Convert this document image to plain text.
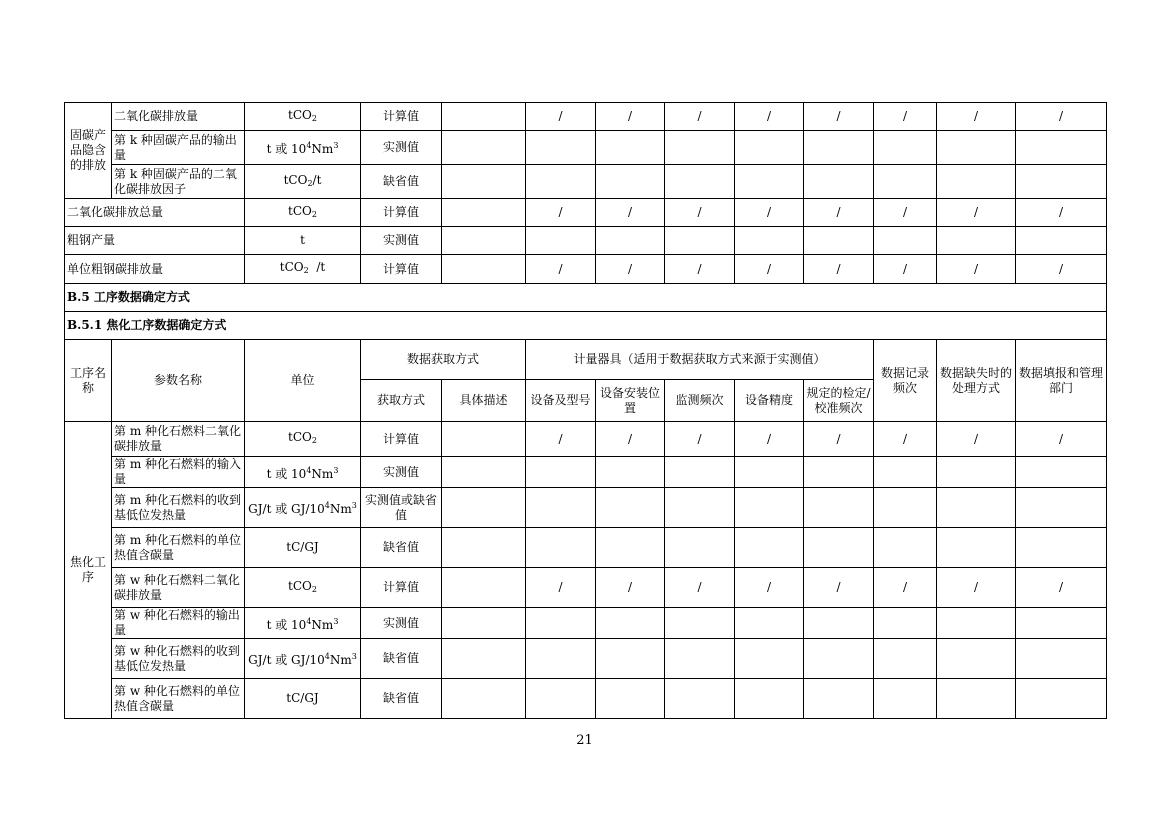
固碳产品隐含的排放	二氧化碳排放量	tCO$_2$	计算值		/	/	/	/	/	/	/	/
	第 k 种固碳产品的输出量	t 或 $10^4Nm^3$	实测值									
	第 k 种固碳产品的二氧化碳排放因子	tCO$_2$/t	缺省值									
二氧化碳排放总量		tCO$_2$	计算值		/	/	/	/	/	/	/	/
粗钢产量		t	实测值									
单位粗钢碳排放量		tCO$_2$ /t	计算值		/	/	/	/	/	/	/	/
B.5 工序数据确定方式												
B.5.1 焦化工序数据确定方式												
工序名称	参数名称	单位	数据获取方式		计量器具（适用于数据获取方式来源于实测值）					数据记录频次	数据缺失时的处理方式	数据填报和管理部门
			获取方式	具体描述	设备及型号	设备安装位置	监测频次	设备精度	规定的检定/校准频次			
焦化工序	第 m 种化石燃料二氧化碳排放量	tCO$_2$	计算值		/	/	/	/	/	/	/	/
	第 m 种化石燃料的输入量	t 或 $10^4Nm^3$	实测值									
	第 m 种化石燃料的收到基低位发热量	GJ/t 或 $GJ/10^4Nm^3$	实测值或缺省值									
	第 m 种化石燃料的单位热值含碳量	tC/GJ	缺省值									
	第 w 种化石燃料二氧化碳排放量	tCO$_2$	计算值		/	/	/	/	/	/	/	/
	第 w 种化石燃料的输出量	t 或 $10^4Nm^3$	实测值									
	第 w 种化石燃料的收到基低位发热量	GJ/t 或 $GJ/10^4Nm^3$	缺省值									
	第 w 种化石燃料的单位热值含碳量	tC/GJ	缺省值									
21
